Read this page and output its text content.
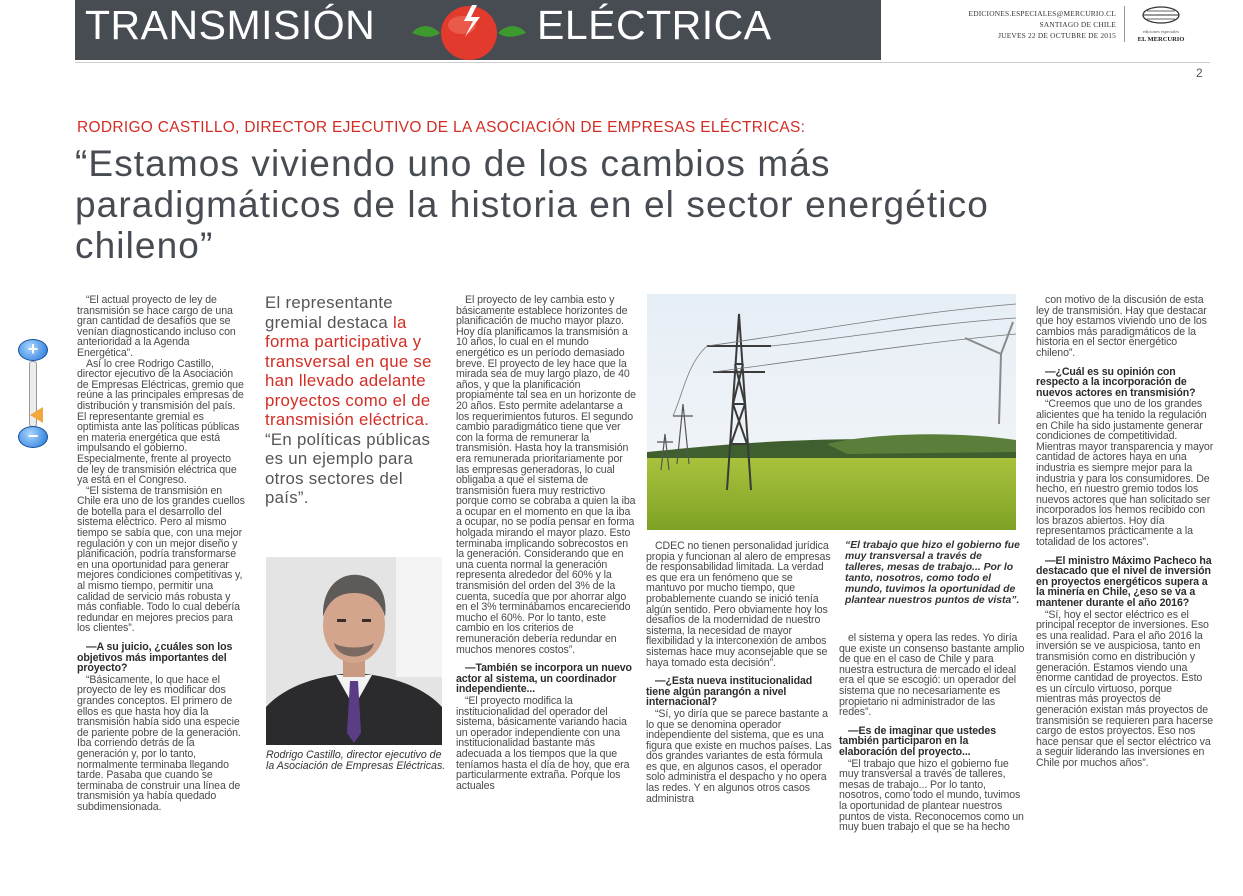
TRANSMISIÓN	ELÉCTRICA	EDICIONES.ESPECIALES@MERCURIO.CL
SANTIAGO DE CHILE
JUEVES 22 DE OCTUBRE DE 2015	ediciones especiales
EL MERCURIO
2
RODRIGO CASTILLO, DIRECTOR EJECUTIVO DE LA ASOCIACIÓN DE EMPRESAS ELÉCTRICAS:
“Estamos viviendo uno de los cambios más paradigmáticos de la historia en el sector energético chileno”

“El actual proyecto de ley de transmisión se hace cargo de una gran cantidad de desafíos que se venían diagnosticando incluso con anterioridad a la Agenda Energética”.

Así lo cree Rodrigo Castillo, director ejecutivo de la Asociación de Empresas Eléctricas, gremio que reúne a las principales empresas de distribución y transmisión del país. El representante gremial es optimista ante las políticas públicas en materia energética que está impulsando el gobierno. Especialmente, frente al proyecto de ley de transmisión eléctrica que ya está en el Congreso.

“El sistema de transmisión en Chile era uno de los grandes cuellos de botella para el desarrollo del sistema eléctrico. Pero al mismo tiempo se sabía que, con una mejor regulación y con un mejor diseño y planificación, podría transformarse en una oportunidad para generar mejores condiciones competitivas y, al mismo tiempo, permitir una calidad de servicio más robusta y más confiable. Todo lo cual debería redundar en mejores precios para los clientes”.

—A su juicio, ¿cuáles son los objetivos más importantes del proyecto?

“Básicamente, lo que hace el proyecto de ley es modificar dos grandes conceptos. El primero de ellos es que hasta hoy día la transmisión había sido una especie de pariente pobre de la generación. Iba corriendo detrás de la generación y, por lo tanto, normalmente terminaba llegando tarde. Pasaba que cuando se terminaba de construir una línea de transmisión ya había quedado subdimensionada.

El representante gremial destaca la forma participativa y transversal en que se han llevado adelante proyectos como el de transmisión eléctrica. “En políticas públicas es un ejemplo para otros sectores del país”.
Rodrigo Castillo, director ejecutivo de la Asociación de Empresas Eléctricas.

El proyecto de ley cambia esto y básicamente establece horizontes de planificación de mucho mayor plazo. Hoy día planificamos la transmisión a 10 años, lo cual en el mundo energético es un período demasiado breve. El proyecto de ley hace que la mirada sea de muy largo plazo, de 40 años, y que la planificación propiamente tal sea en un horizonte de 20 años. Esto permite adelantarse a los requerimientos futuros. El segundo cambio paradigmático tiene que ver con la forma de remunerar la transmisión. Hasta hoy la transmisión era remunerada prioritariamente por las empresas generadoras, lo cual obligaba a que el sistema de transmisión fuera muy restrictivo porque como se cobraba a quien la iba a ocupar en el momento en que la iba a ocupar, no se podía pensar en forma holgada mirando el mayor plazo. Esto terminaba implicando sobrecostos en la generación. Considerando que en una cuenta normal la generación representa alrededor del 60% y la transmisión del orden del 3% de la cuenta, sucedía que por ahorrar algo en el 3% terminábamos encareciendo mucho el 60%. Por lo tanto, este cambio en los criterios de remuneración debería redundar en muchos menores costos”.

—También se incorpora un nuevo actor al sistema, un coordinador independiente...

“El proyecto modifica la institucionalidad del operador del sistema, básicamente variando hacia un operador independiente con una institucionalidad bastante más adecuada a los tiempos que la que teníamos hasta el día de hoy, que era particularmente extraña. Porque los actuales

“El trabajo que hizo el gobierno fue muy transversal a través de talleres, mesas de trabajo... Por lo tanto, nosotros, como todo el mundo, tuvimos la oportunidad de plantear nuestros puntos de vista”.

CDEC no tienen personalidad jurídica propia y funcionan al alero de empresas de responsabilidad limitada. La verdad es que era un fenómeno que se mantuvo por mucho tiempo, que probablemente cuando se inició tenía algún sentido. Pero obviamente hoy los desafíos de la modernidad de nuestro sistema, la necesidad de mayor flexibilidad y la interconexión de ambos sistemas hace muy aconsejable que se haya tomado esta decisión”.

—¿Esta nueva institucionalidad tiene algún parangón a nivel internacional?

“Sí, yo diría que se parece bastante a lo que se denomina operador independiente del sistema, que es una figura que existe en muchos países. Las dos grandes variantes de esta fórmula es que, en algunos casos, el operador solo administra el despacho y no opera las redes. Y en algunos otros casos administra

el sistema y opera las redes. Yo diría que existe un consenso bastante amplio de que en el caso de Chile y para nuestra estructura de mercado el ideal era el que se escogió: un operador del sistema que no necesariamente es propietario ni administrador de las redes”.

—Es de imaginar que ustedes también participaron en la elaboración del proyecto...

“El trabajo que hizo el gobierno fue muy transversal a través de talleres, mesas de trabajo... Por lo tanto, nosotros, como todo el mundo, tuvimos la oportunidad de plantear nuestros puntos de vista. Reconocemos como un muy buen trabajo el que se ha hecho

con motivo de la discusión de esta ley de transmisión. Hay que destacar que hoy estamos viviendo uno de los cambios más paradigmáticos de la historia en el sector energético chileno”.

—¿Cuál es su opinión con respecto a la incorporación de nuevos actores en transmisión?

“Creemos que uno de los grandes alicientes que ha tenido la regulación en Chile ha sido justamente generar condiciones de competitividad. Mientras mayor transparencia y mayor cantidad de actores haya en una industria es siempre mejor para la industria y para los consumidores. De hecho, en nuestro gremio todos los nuevos actores que han solicitado ser incorporados los hemos recibido con los brazos abiertos. Hoy día representamos prácticamente a la totalidad de los actores”.

—El ministro Máximo Pacheco ha destacado que el nivel de inversión en proyectos energéticos supera a la minería en Chile, ¿eso se va a mantener durante el año 2016?

“Sí, hoy el sector eléctrico es el principal receptor de inversiones. Eso es una realidad. Para el año 2016 la inversión se ve auspiciosa, tanto en transmisión como en distribución y generación. Estamos viendo una enorme cantidad de proyectos. Esto es un círculo virtuoso, porque mientras más proyectos de generación existan más proyectos de transmisión se requieren para hacerse cargo de estos proyectos. Eso nos hace pensar que el sector eléctrico va a seguir liderando las inversiones en Chile por muchos años”.

+
−
